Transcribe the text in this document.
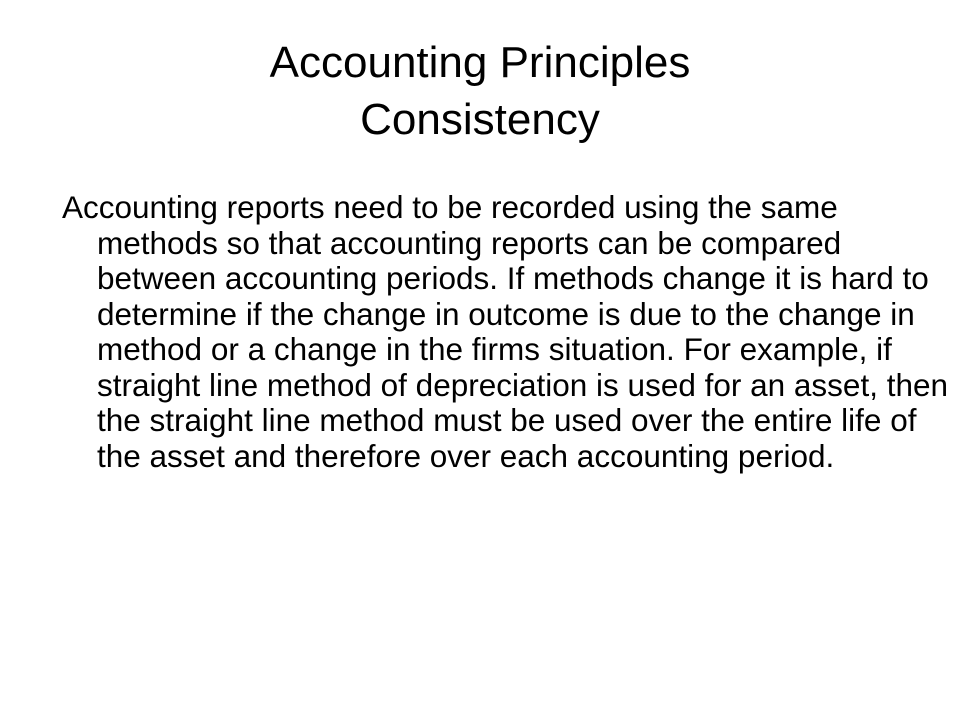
Accounting Principles
Consistency

Accounting reports need to be recorded using the same methods so that accounting reports can be compared between accounting periods. If methods change it is hard to determine if the change in outcome is due to the change in method or a change in the firms situation. For example, if straight line method of depreciation is used for an asset, then the straight line method must be used over the entire life of the asset and therefore over each accounting period.
